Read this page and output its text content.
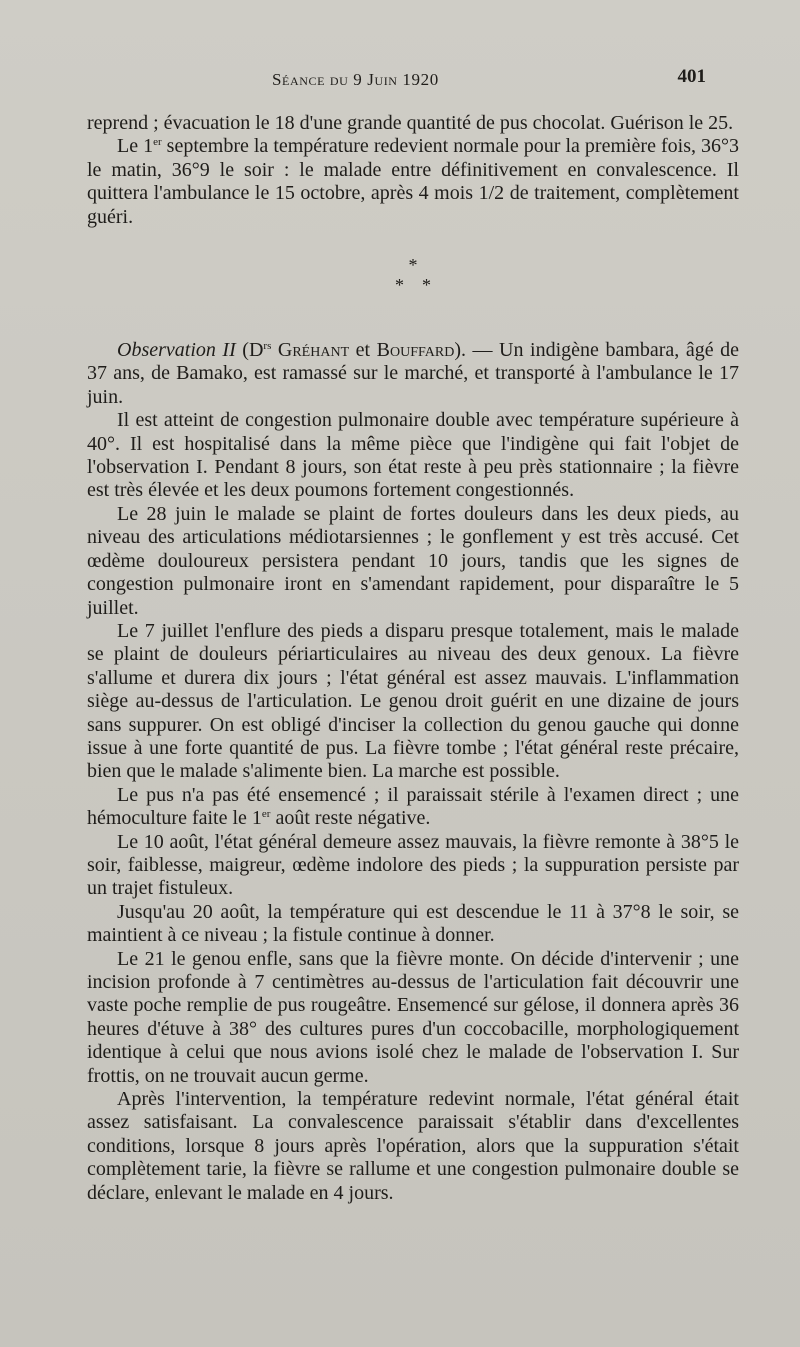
Séance du 9 Juin 1920	401

reprend ; évacuation le 18 d'une grande quantité de pus chocolat. Guérison le 25.

Le 1er septembre la température redevient normale pour la première fois, 36°3 le matin, 36°9 le soir : le malade entre définitivement en convalescence. Il quittera l'ambulance le 15 octobre, après 4 mois 1/2 de traitement, complètement guéri.

*
**

Observation II ($D^{rs}$ Gréhant et Bouffard). — Un indigène bambara, âgé de 37 ans, de Bamako, est ramassé sur le marché, et transporté à l'ambulance le 17 juin.

Il est atteint de congestion pulmonaire double avec température supérieure à 40°. Il est hospitalisé dans la même pièce que l'indigène qui fait l'objet de l'observation I. Pendant 8 jours, son état reste à peu près stationnaire ; la fièvre est très élevée et les deux poumons fortement congestionnés.

Le 28 juin le malade se plaint de fortes douleurs dans les deux pieds, au niveau des articulations médiotarsiennes ; le gonflement y est très accusé. Cet œdème douloureux persistera pendant 10 jours, tandis que les signes de congestion pulmonaire iront en s'amendant rapidement, pour disparaître le 5 juillet.

Le 7 juillet l'enflure des pieds a disparu presque totalement, mais le malade se plaint de douleurs périarticulaires au niveau des deux genoux. La fièvre s'allume et durera dix jours ; l'état général est assez mauvais. L'inflammation siège au-dessus de l'articulation. Le genou droit guérit en une dizaine de jours sans suppurer. On est obligé d'inciser la collection du genou gauche qui donne issue à une forte quantité de pus. La fièvre tombe ; l'état général reste précaire, bien que le malade s'alimente bien. La marche est possible.

Le pus n'a pas été ensemencé ; il paraissait stérile à l'examen direct ; une hémoculture faite le 1er août reste négative.

Le 10 août, l'état général demeure assez mauvais, la fièvre remonte à 38°5 le soir, faiblesse, maigreur, œdème indolore des pieds ; la suppuration persiste par un trajet fistuleux.

Jusqu'au 20 août, la température qui est descendue le 11 à 37°8 le soir, se maintient à ce niveau ; la fistule continue à donner.

Le 21 le genou enfle, sans que la fièvre monte. On décide d'intervenir ; une incision profonde à 7 centimètres au-dessus de l'articulation fait découvrir une vaste poche remplie de pus rougeâtre. Ensemencé sur gélose, il donnera après 36 heures d'étuve à 38° des cultures pures d'un coccobacille, morphologiquement identique à celui que nous avions isolé chez le malade de l'observation I. Sur frottis, on ne trouvait aucun germe.

Après l'intervention, la température redevint normale, l'état général était assez satisfaisant. La convalescence paraissait s'établir dans d'excellentes conditions, lorsque 8 jours après l'opération, alors que la suppuration s'était complètement tarie, la fièvre se rallume et une congestion pulmonaire double se déclare, enlevant le malade en 4 jours.
